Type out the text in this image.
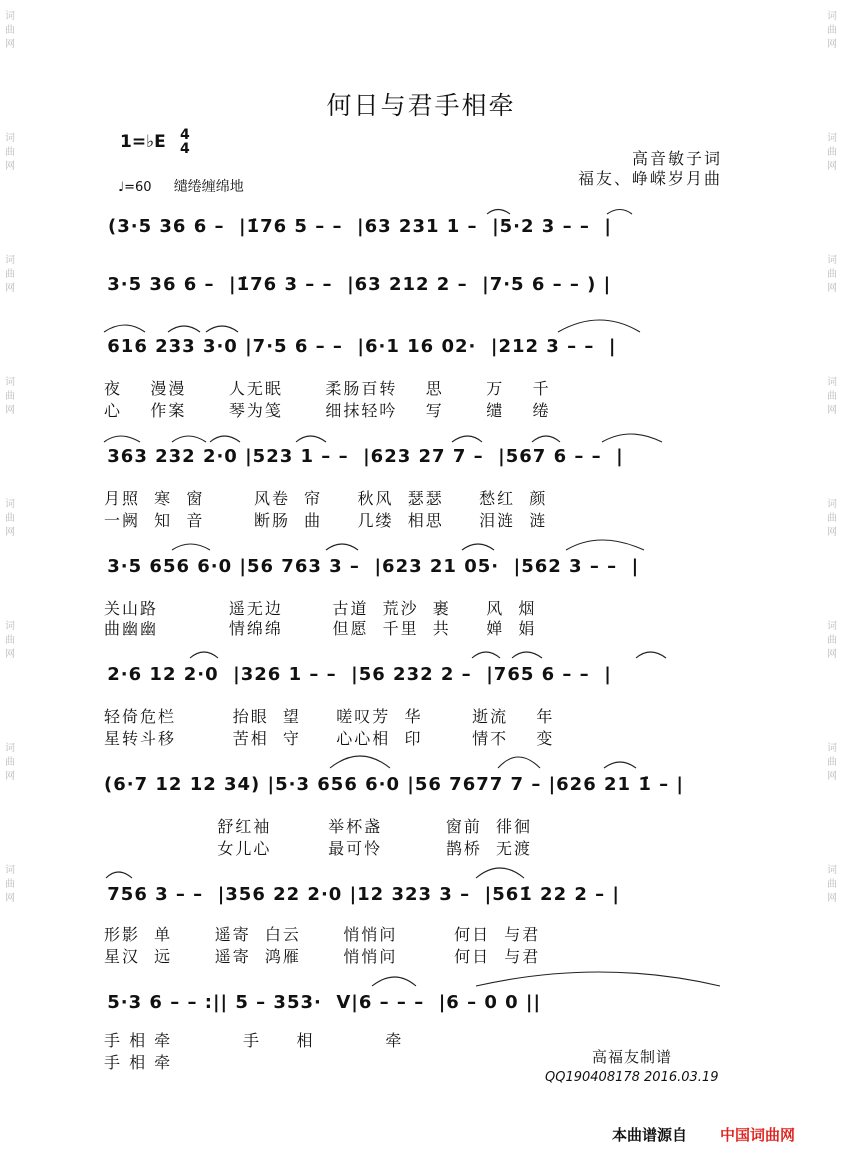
词曲网
词曲网
词曲网
词曲网
词曲网
词曲网
词曲网
词曲网
词曲网
词曲网
词曲网
词曲网
词曲网
词曲网
词曲网
词曲网
何日与君手相牵
1=♭E 4
4
♩=60 缱绻缠绵地
高音敏子词
福友、峥嵘岁月曲
(3·5 36 6 –  |1̇76 5 – –  |63 231 1 –  |5·2 3 – –  |
3·5 36 6 –  |1̇76 3 – –  |63 212 2 –  |7·5 6 – – ) |
616 233 3·0 |7·5 6 – –  |6·1 16 02·  |212 3 – –  |
夜    漫漫      人无眠      柔肠百转    思      万    千
心    作案      琴为笺      细抹轻吟    写      缱    绻
363 232 2·0 |523 1 – –  |623 27 7 –  |567 6 – –  |
月照  寒  窗       风卷  帘     秋风  瑟瑟     愁红  颜
一阙  知  音       断肠  曲     几缕  相思     泪涟  涟
3·5 656 6·0 |56 763 3 –  |623 21 05·  |562 3 – –  |
关山路          遥无边       古道  荒沙  裹     风  烟
曲幽幽          情绵绵       但愿  千里  共     婵  娟
2·6 12 2·0  |326 1 – –  |56 232 2 –  |765 6 – –  |
轻倚危栏        抬眼  望     嗟叹芳  华       逝流    年
星转斗移        苦相  守     心心相  印       情不    变
(6·7 12 12 34) |5·3 656 6·0 |56 7677 7 – |626 21 1̇ – |
舒红袖        举杯盏         窗前  徘徊
女儿心        最可怜         鹊桥  无渡
756 3 – –  |356 22 2·0 |12 323 3 –  |561̇ 22 2 – |
形影  单      遥寄  白云      悄悄问        何日  与君
星汉  远      遥寄  鸿雁      悄悄问        何日  与君
5·3 6 – – :|| 5 – 353·  V|6 – – –  |6 – 0 0 ||
手 相 牵          手     相          牵
手 相 牵	高福友制谱
QQ190408178 2016.03.19
本曲谱源自 中国词曲网
